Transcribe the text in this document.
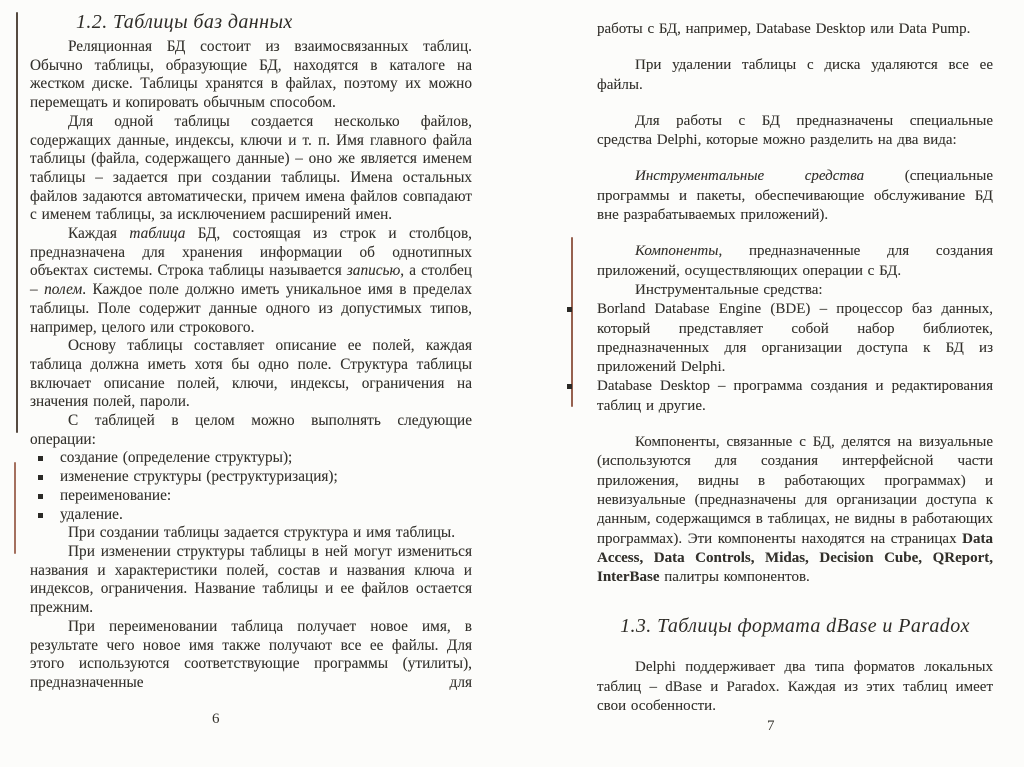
1.2. Таблицы баз данных

Реляционная БД состоит из взаимосвязанных таблиц. Обычно таблицы, образующие БД, находятся в каталоге на жестком диске. Таблицы хранятся в файлах, поэтому их можно перемещать и копировать обычным способом.

Для одной таблицы создается несколько файлов, содержащих данные, индексы, ключи и т. п. Имя главного файла таблицы (файла, содержащего данные) – оно же является именем таблицы – задается при создании таблицы. Имена остальных файлов задаются автоматически, причем имена файлов совпадают с именем таблицы, за исключением расширений имен.

Каждая таблица БД, состоящая из строк и столбцов, предназначена для хранения информации об однотипных объектах системы. Строка таблицы называется записью, а столбец – полем. Каждое поле должно иметь уникальное имя в пределах таблицы. Поле содержит данные одного из допустимых типов, например, целого или строкового.

Основу таблицы составляет описание ее полей, каждая таблица должна иметь хотя бы одно поле. Структура таблицы включает описание полей, ключи, индексы, ограничения на значения полей, пароли.

С таблицей в целом можно выполнять следующие операции:

создание (определение структуры);
изменение структуры (реструктуризация);
переименование:
удаление.

При создании таблицы задается структура и имя таблицы.

При изменении структуры таблицы в ней могут измениться названия и характеристики полей, состав и названия ключа и индексов, ограничения. Название таблицы и ее файлов остается прежним.

При переименовании таблица получает новое имя, в результате чего новое имя также получают все ее файлы. Для этого используются соответствующие программы (утилиты), предназначенные для

работы с БД, например, Database Desktop или Data Pump.

При удалении таблицы с диска удаляются все ее файлы.

Для работы с БД предназначены специальные средства Delphi, которые можно разделить на два вида:

Инструментальные средства (специальные программы и пакеты, обеспечивающие обслуживание БД вне разрабатываемых приложений).

Компоненты, предназначенные для создания приложений, осуществляющих операции с БД.

Инструментальные средства:

Borland Database Engine (BDE) – процессор баз данных, который представляет собой набор библиотек, предназначенных для организации доступа к БД из приложений Delphi.
Database Desktop – программа создания и редактирования таблиц и другие.

Компоненты, связанные с БД, делятся на визуальные (используются для создания интерфейсной части приложения, видны в работающих программах) и невизуальные (предназначены для организации доступа к данным, содержащимся в таблицах, не видны в работающих программах). Эти компоненты находятся на страницах Data Access, Data Controls, Midas, Decision Cube, QReport, InterBase палитры компонентов.

1.3. Таблицы формата dBase и Paradox

Delphi поддерживает два типа форматов локальных таблиц – dBase и Paradox. Каждая из этих таблиц имеет свои особенности.

6	7
